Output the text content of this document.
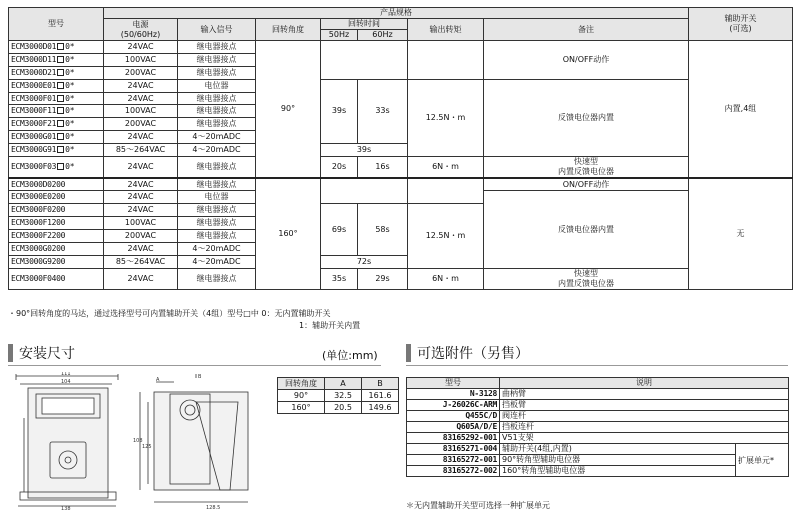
型号	产品规格							辅助开关
(可选)
	电源
(50/60Hz)	输入信号	回转角度	回转时间		输出转矩	备注	
				50Hz	60Hz			
ECM3000D01 0*	24VAC	继电器接点	90°				ON/OFF动作	内置,4组
ECM3000D11 0*	100VAC	继电器接点						
ECM3000D21 0*	200VAC	继电器接点						
ECM3000E01 0*	24VAC	电位器		39s	33s	12.5N・m	反馈电位器内置	
ECM3000F01 0*	24VAC	继电器接点						
ECM3000F11 0*	100VAC	继电器接点						
ECM3000F21 0*	200VAC	继电器接点						
ECM3000G01 0*	24VAC	4～20mADC						
ECM3000G91 0*	85～264VAC	4～20mADC		39s				
ECM3000F03 0*	24VAC	继电器接点		20s	16s	6N・m	快速型
内置反馈电位器	
ECM3000D0200	24VAC	继电器接点	160°				ON/OFF动作	无
ECM3000E0200	24VAC	电位器					反馈电位器内置	
ECM3000F0200	24VAC	继电器接点		69s	58s	12.5N・m		
ECM3000F1200	100VAC	继电器接点						
ECM3000F2200	200VAC	继电器接点						
ECM3000G0200	24VAC	4～20mADC						
ECM3000G9200	85～264VAC	4～20mADC		72s				
ECM3000F0400	24VAC	继电器接点		35s	29s	6N・m	快速型
内置反馈电位器	
・90°回转角度的马达，通过选择型号可内置辅助开关（4组）型号□中 0：无内置辅助开关
1：辅助开关内置
安装尺寸	(单位:mm)	可选附件（另售）
111
104
138
A	B
108
125
128.5
回转角度	A	B
90°	32.5	161.6
160°	20.5	149.6
型号	说明	
N-3128	曲柄臂	
J-26026C-ARM	挡板臂	
Q455C/D	阀连杆	
Q605A/D/E	挡板连杆	
83165292-001	V51支架	
83165271-004	辅助开关(4组,内置)	扩展单元*
83165272-001	90°转角型辅助电位器	
83165272-002	160°转角型辅助电位器	
＊无内置辅助开关型可选择一种扩展单元
